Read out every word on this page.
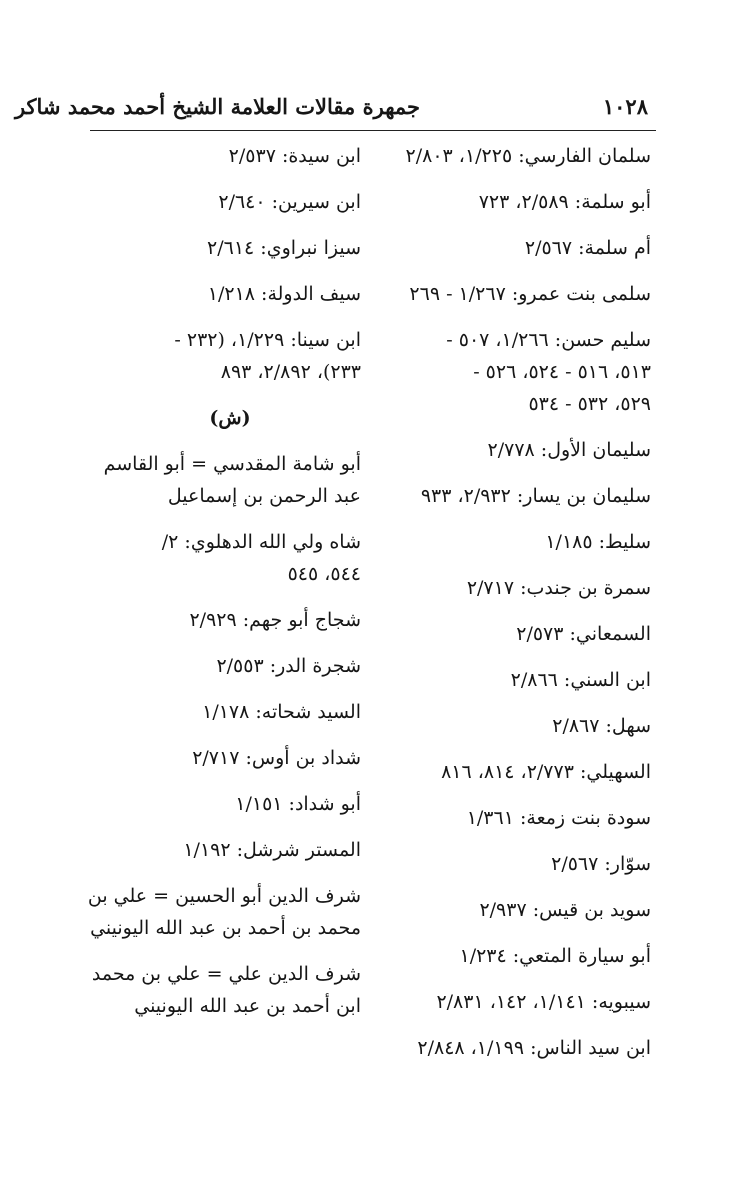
جمهرة مقالات العلامة الشيخ أحمد محمد شاكر	١٠٢٨
سلمان الفارسي: ١/٢٢٥، ٢/٨٠٣
أبو سلمة: ٢/٥٨٩، ٧٢٣
أم سلمة: ٢/٥٦٧
سلمى بنت عمرو: ١/٢٦٧ - ٢٦٩
سليم حسن: ١/٢٦٦، ٥٠٧ -
٥١٣، ٥١٦ - ٥٢٤، ٥٢٦ -
٥٢٩، ٥٣٢ - ٥٣٤
سليمان الأول: ٢/٧٧٨
سليمان بن يسار: ٢/٩٣٢، ٩٣٣
سليط: ١/١٨٥
سمرة بن جندب: ٢/٧١٧
السمعاني: ٢/٥٧٣
ابن السني: ٢/٨٦٦
سهل: ٢/٨٦٧
السهيلي: ٢/٧٧٣، ٨١٤، ٨١٦
سودة بنت زمعة: ١/٣٦١
سوّار: ٢/٥٦٧
سويد بن قيس: ٢/٩٣٧
أبو سيارة المتعي: ١/٢٣٤
سيبويه: ١/١٤١، ١٤٢، ٢/٨٣١
ابن سيد الناس: ١/١٩٩، ٢/٨٤٨
ابن سيدة: ٢/٥٣٧
ابن سيرين: ٢/٦٤٠
سيزا نبراوي: ٢/٦١٤
سيف الدولة: ١/٢١٨
ابن سينا: ١/٢٢٩، (٢٣٢ -
٢٣٣)، ٢/٨٩٢، ٨٩٣
(ش)
أبو شامة المقدسي = أبو القاسم
عبد الرحمن بن إسماعيل
شاه ولي الله الدهلوي: ٢/
٥٤٤، ٥٤٥
شجاج أبو جهم: ٢/٩٢٩
شجرة الدر: ٢/٥٥٣
السيد شحاته: ١/١٧٨
شداد بن أوس: ٢/٧١٧
أبو شداد: ١/١٥١
المستر شرشل: ١/١٩٢
شرف الدين أبو الحسين = علي بن
محمد بن أحمد بن عبد الله اليونيني
شرف الدين علي = علي بن محمد
ابن أحمد بن عبد الله اليونيني
